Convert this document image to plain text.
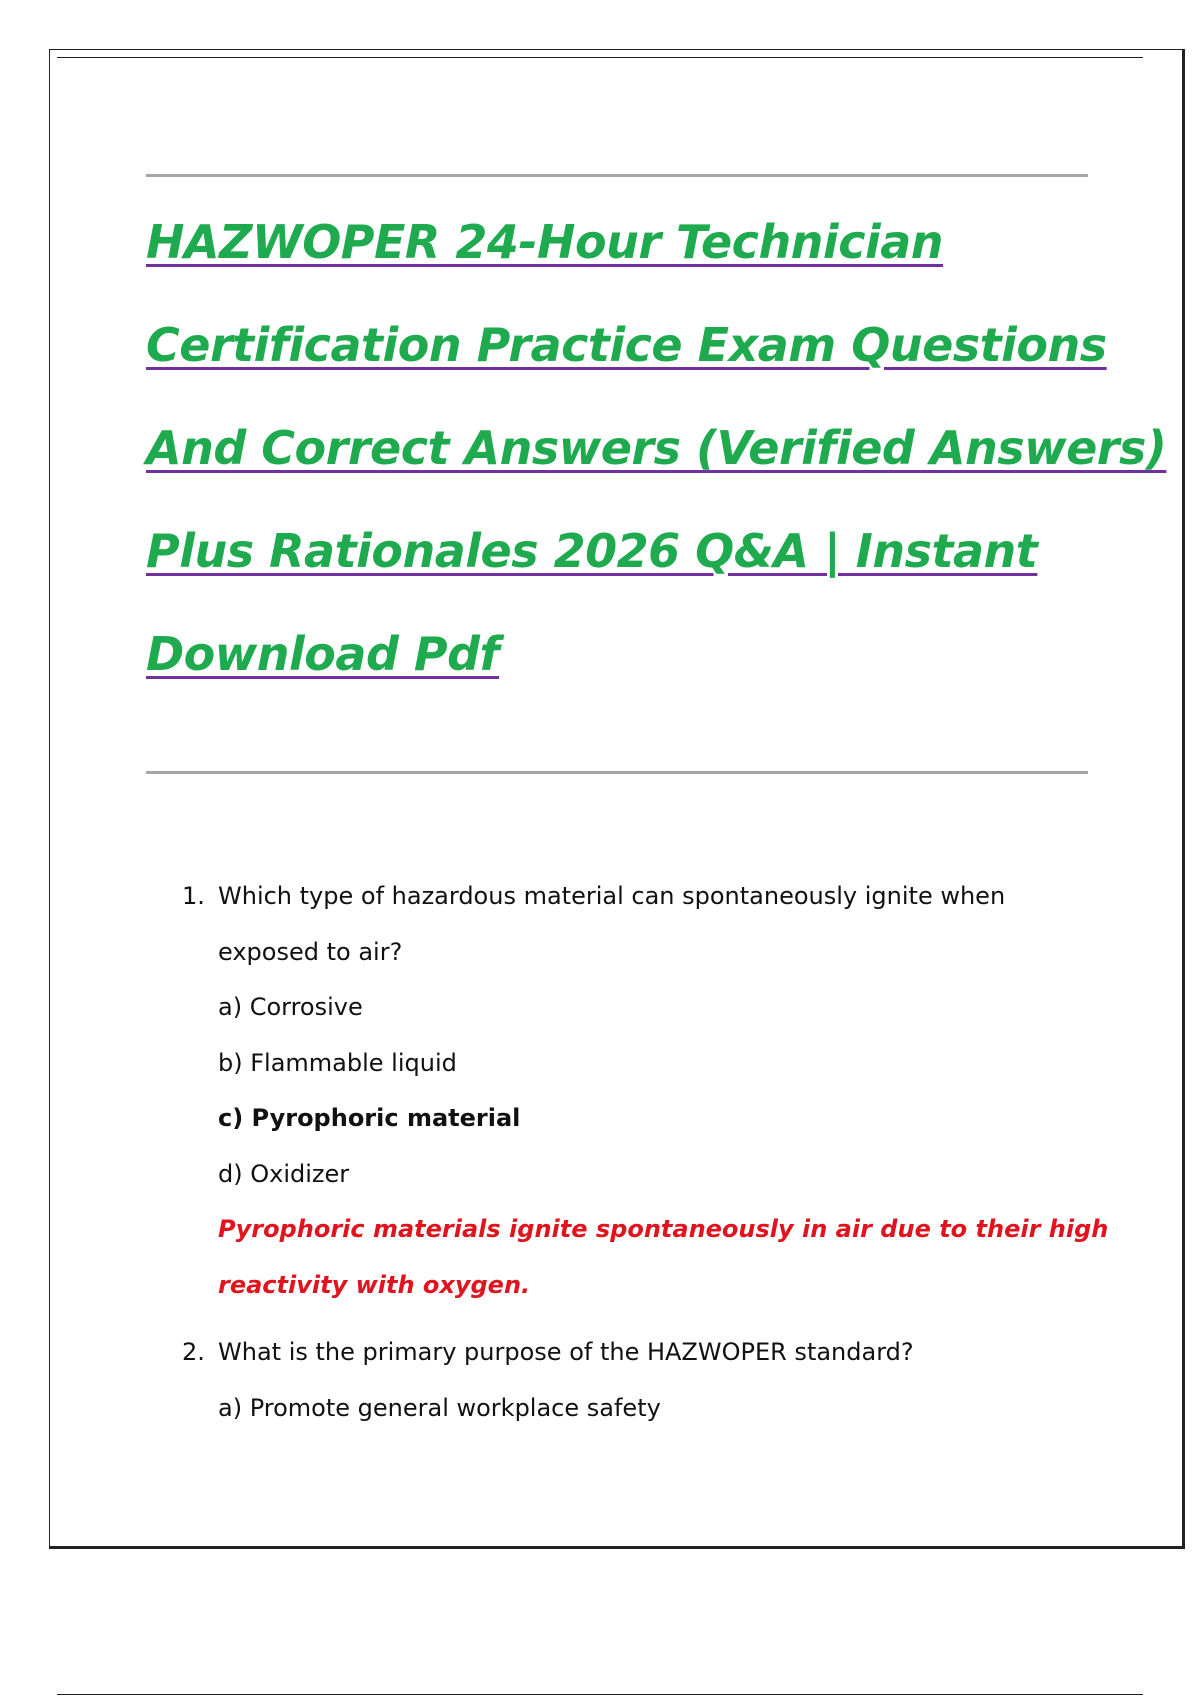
HAZWOPER 24-Hour Technician
Certification Practice Exam Questions
And Correct Answers (Verified Answers)
Plus Rationales 2026 Q&A | Instant
Download Pdf
1. Which type of hazardous material can spontaneously ignite when
exposed to air?
a) Corrosive
b) Flammable liquid
c) Pyrophoric material
d) Oxidizer
Pyrophoric materials ignite spontaneously in air due to their high
reactivity with oxygen.
2. What is the primary purpose of the HAZWOPER standard?
a) Promote general workplace safety
